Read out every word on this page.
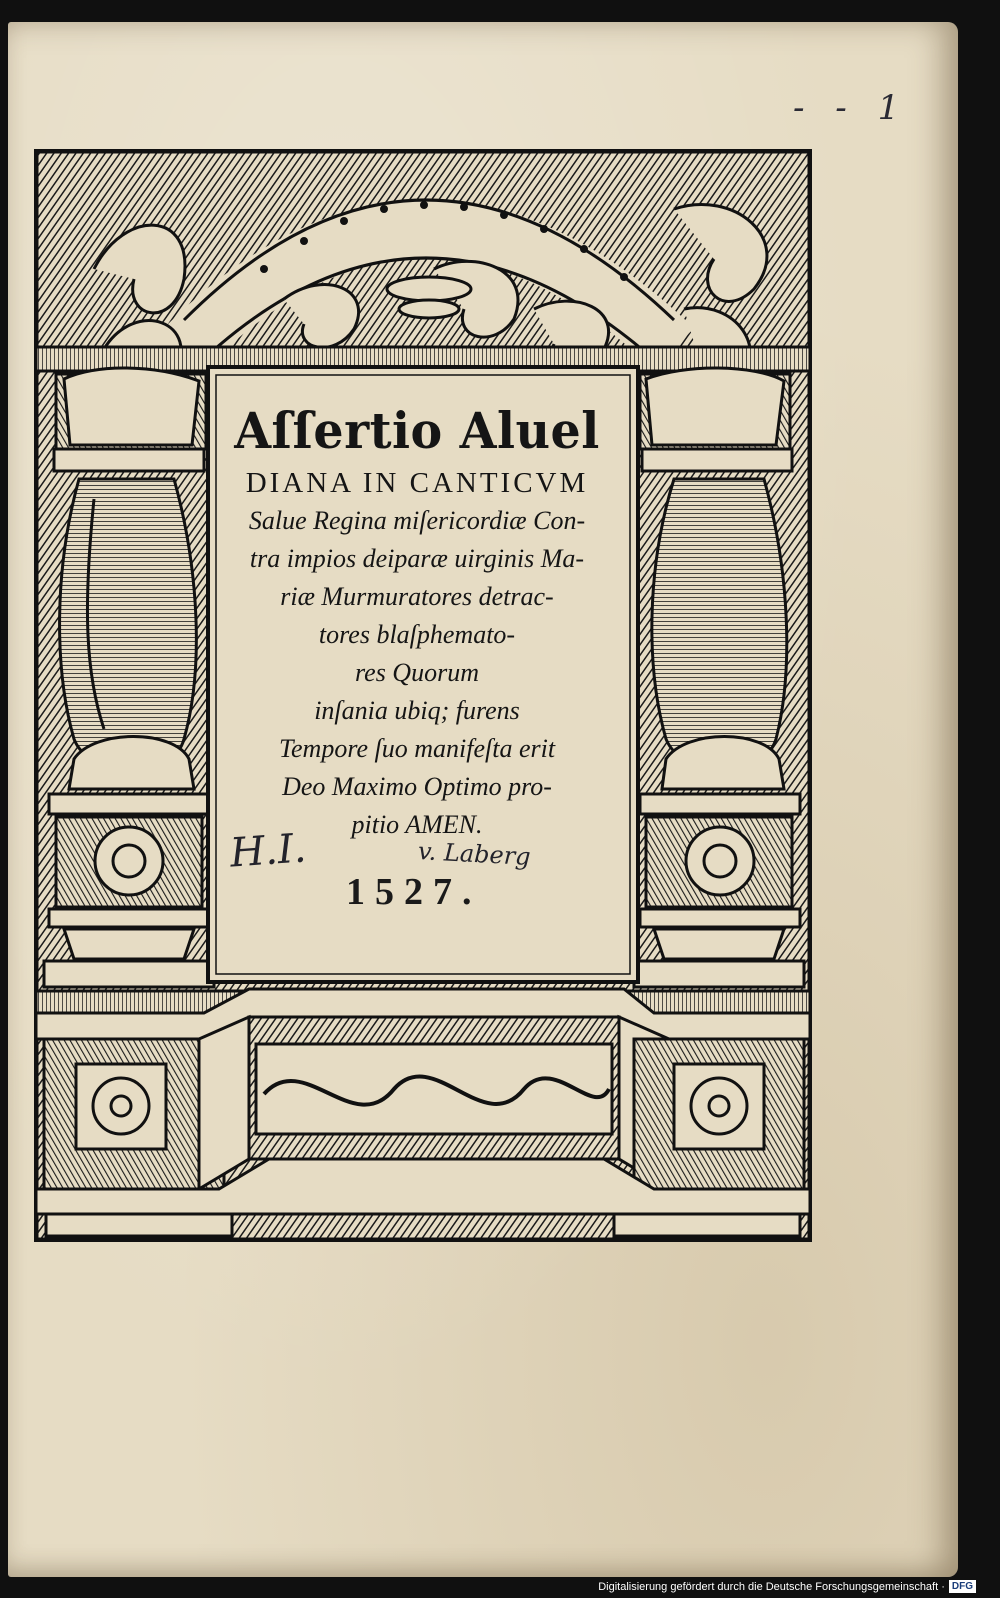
- - 1
Aſſertio Aluel
DIANA IN CANTICVM
Salue Regina miſericordiæ Con-
tra impios deiparæ uirginis Ma-
riæ Murmuratores detrac-
tores blaſphemato-
res Quorum
inſania ubiq; furens
Tempore ſuo manifeſta erit
Deo Maximo Optimo pro-
pitio AMEN.
H.I.	v. Laberg
1527.
Digitalisierung gefördert durch die Deutsche Forschungsgemeinschaft · DFG
